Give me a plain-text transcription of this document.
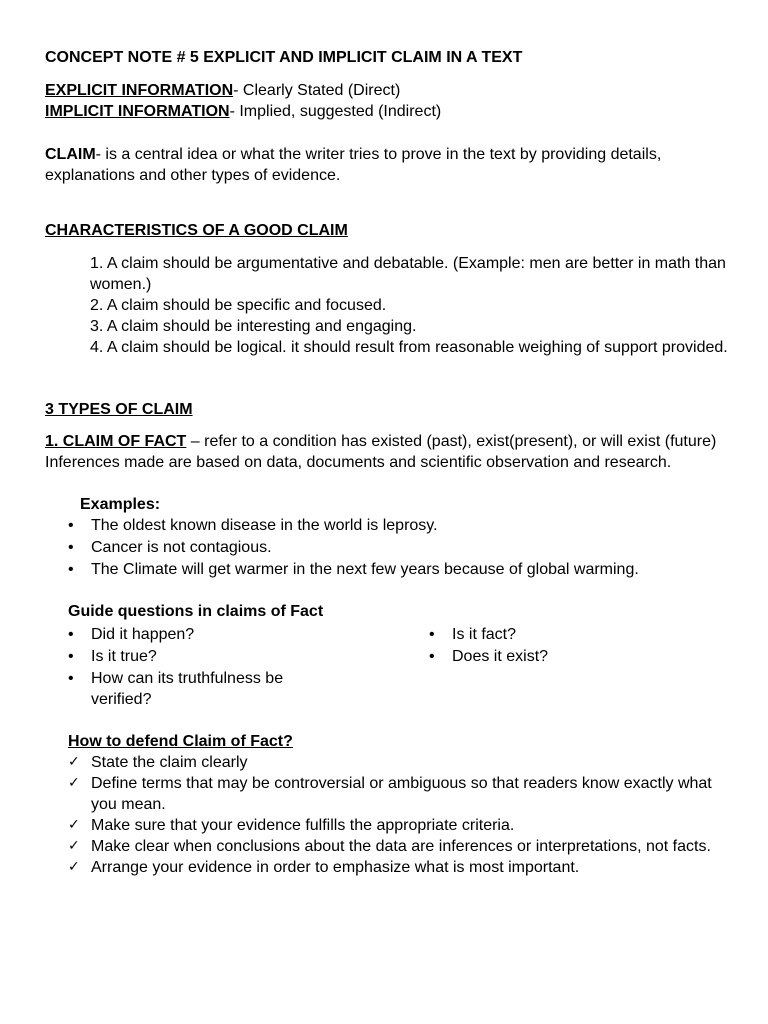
CONCEPT NOTE # 5 EXPLICIT AND IMPLICIT CLAIM IN A TEXT

EXPLICIT INFORMATION- Clearly Stated (Direct)

IMPLICIT INFORMATION- Implied, suggested (Indirect)

CLAIM- is a central idea or what the writer tries to prove in the text by providing details, explanations and other types of evidence.

CHARACTERISTICS OF A GOOD CLAIM

1. A claim should be argumentative and debatable. (Example: men are better in math than women.)

2. A claim should be specific and focused.

3. A claim should be interesting and engaging.

4. A claim should be logical. it should result from reasonable weighing of support provided.

3 TYPES OF CLAIM

1. CLAIM OF FACT – refer to a condition has existed (past), exist(present), or will exist (future) Inferences made are based on data, documents and scientific observation and research.

Examples:

• The oldest known disease in the world is leprosy.
• Cancer is not contagious.
• The Climate will get warmer in the next few years because of global warming.

Guide questions in claims of Fact

• Did it happen?
• Is it true?
• How can its truthfulness be verified?
• Is it fact?
• Does it exist?

How to defend Claim of Fact?

✓ State the claim clearly
✓ Define terms that may be controversial or ambiguous so that readers know exactly what you mean.
✓ Make sure that your evidence fulfills the appropriate criteria.
✓ Make clear when conclusions about the data are inferences or interpretations, not facts.
✓ Arrange your evidence in order to emphasize what is most important.
